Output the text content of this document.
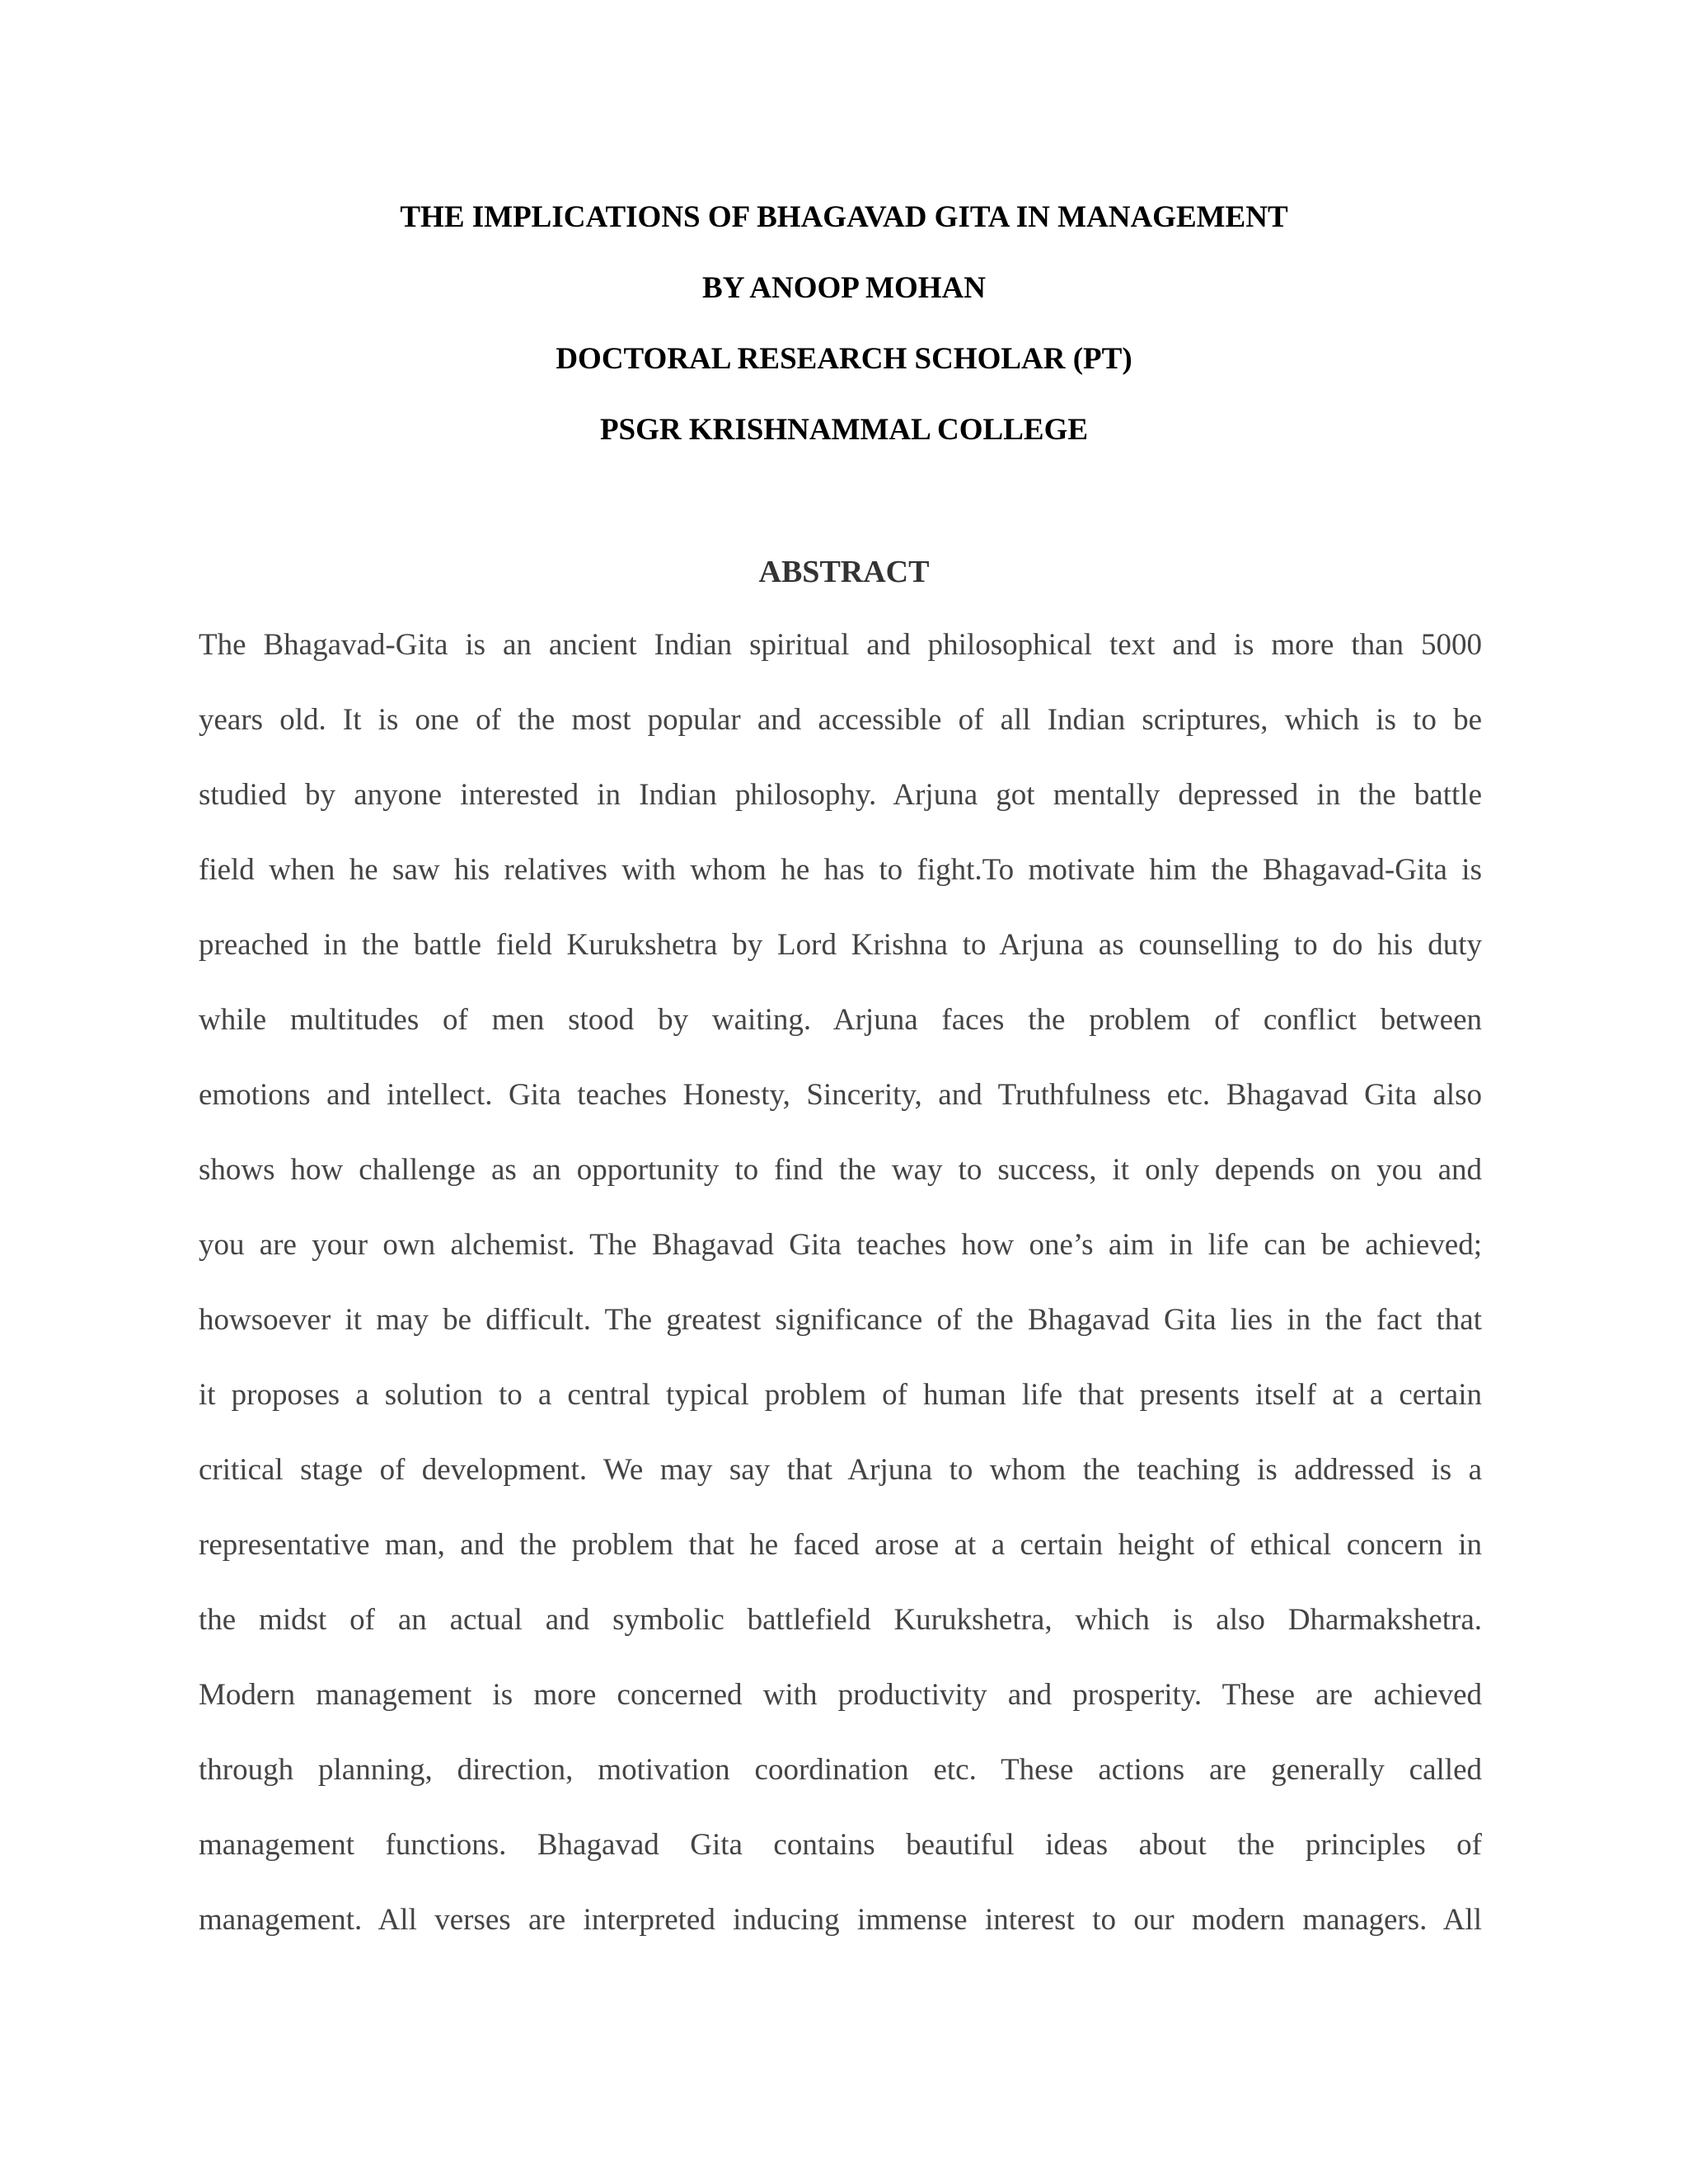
THE IMPLICATIONS OF BHAGAVAD GITA IN MANAGEMENT
BY ANOOP MOHAN
DOCTORAL RESEARCH SCHOLAR (PT)
PSGR KRISHNAMMAL COLLEGE
ABSTRACT
The Bhagavad-Gita is an ancient Indian spiritual and philosophical text and is more than 5000
years old. It is one of the most popular and accessible of all Indian scriptures, which is to be
studied by anyone interested in Indian philosophy. Arjuna got mentally depressed in the battle
field when he saw his relatives with whom he has to fight.To motivate him the Bhagavad-Gita is
preached in the battle field Kurukshetra by Lord Krishna to Arjuna as counselling to do his duty
while multitudes of men stood by waiting. Arjuna faces the problem of conflict between
emotions and intellect. Gita teaches Honesty, Sincerity, and Truthfulness etc. Bhagavad Gita also
shows how challenge as an opportunity to find the way to success, it only depends on you and
you are your own alchemist. The Bhagavad Gita teaches how one’s aim in life can be achieved;
howsoever it may be difficult. The greatest significance of the Bhagavad Gita lies in the fact that
it proposes a solution to a central typical problem of human life that presents itself at a certain
critical stage of development. We may say that Arjuna to whom the teaching is addressed is a
representative man, and the problem that he faced arose at a certain height of ethical concern in
the midst of an actual and symbolic battlefield Kurukshetra, which is also Dharmakshetra.
Modern management is more concerned with productivity and prosperity. These are achieved
through planning, direction, motivation coordination etc. These actions are generally called
management functions. Bhagavad Gita contains beautiful ideas about the principles of
management. All verses are interpreted inducing immense interest to our modern managers. All
